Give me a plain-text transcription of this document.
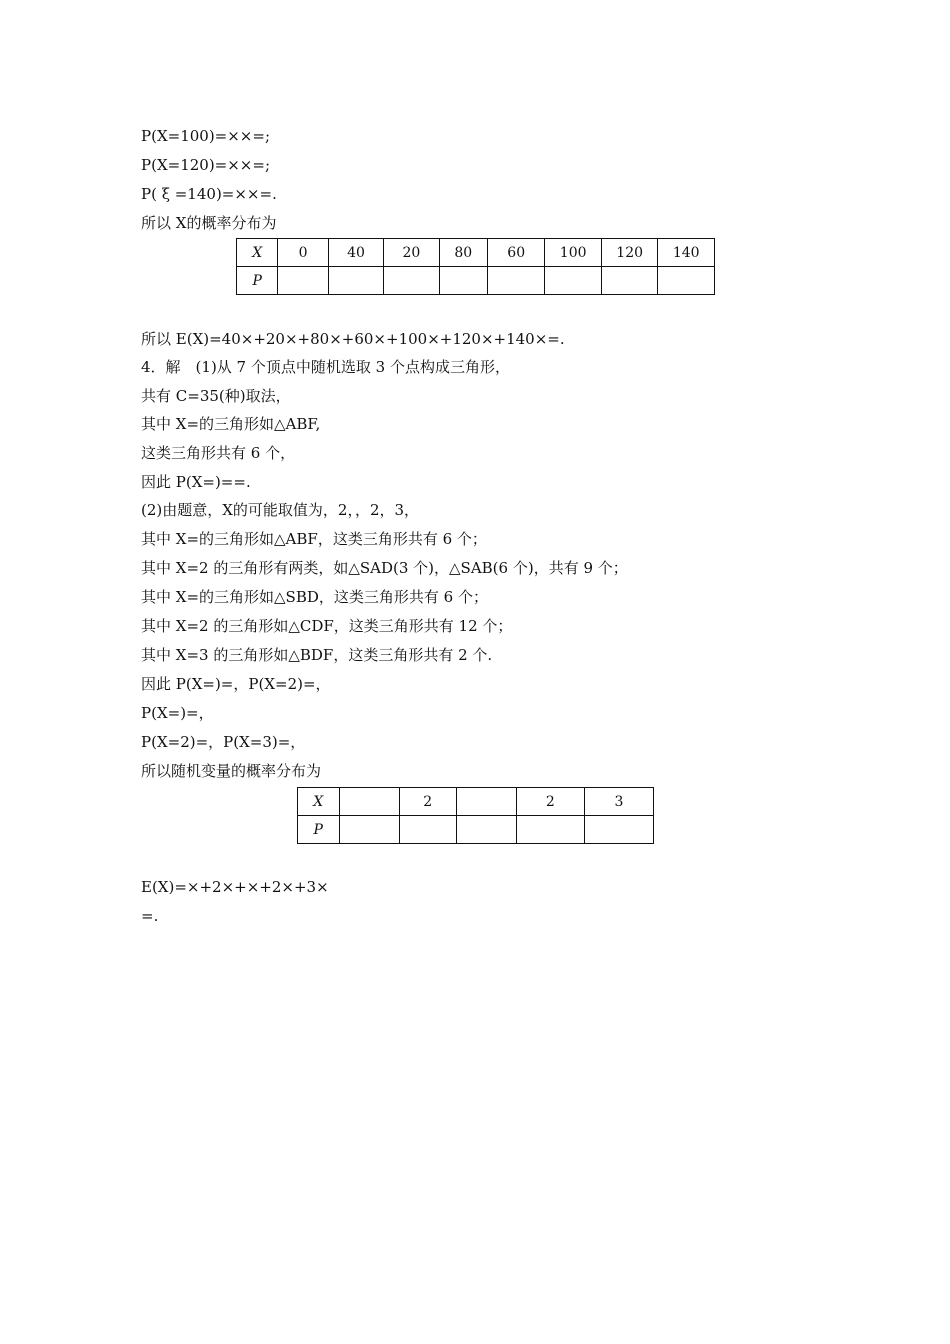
P(X=100)=××=;
P(X=120)=××=;
P( ξ =140)=××=.
所以 X的概率分布为
X	0	40	20	80	60	100	120	140
P								
所以 E(X)=40×+20×+80×+60×+100×+120×+140×=.
4．解　(1)从 7 个顶点中随机选取 3 个点构成三角形，
共有 C=35(种)取法，
其中 X=的三角形如△ABF,
这类三角形共有 6 个，
因此 P(X=)==.
(2)由题意，X的可能取值为，2，，2，3，
其中 X=的三角形如△ABF，这类三角形共有 6 个；
其中 X=2 的三角形有两类，如△SAD(3 个)，△SAB(6 个)，共有 9 个；
其中 X=的三角形如△SBD，这类三角形共有 6 个；
其中 X=2 的三角形如△CDF，这类三角形共有 12 个；
其中 X=3 的三角形如△BDF，这类三角形共有 2 个.
因此 P(X=)=，P(X=2)=，
P(X=)=，
P(X=2)=，P(X=3)=，
所以随机变量的概率分布为
X		2		2	3
P					
E(X)=×+2×+×+2×+3×
=.
